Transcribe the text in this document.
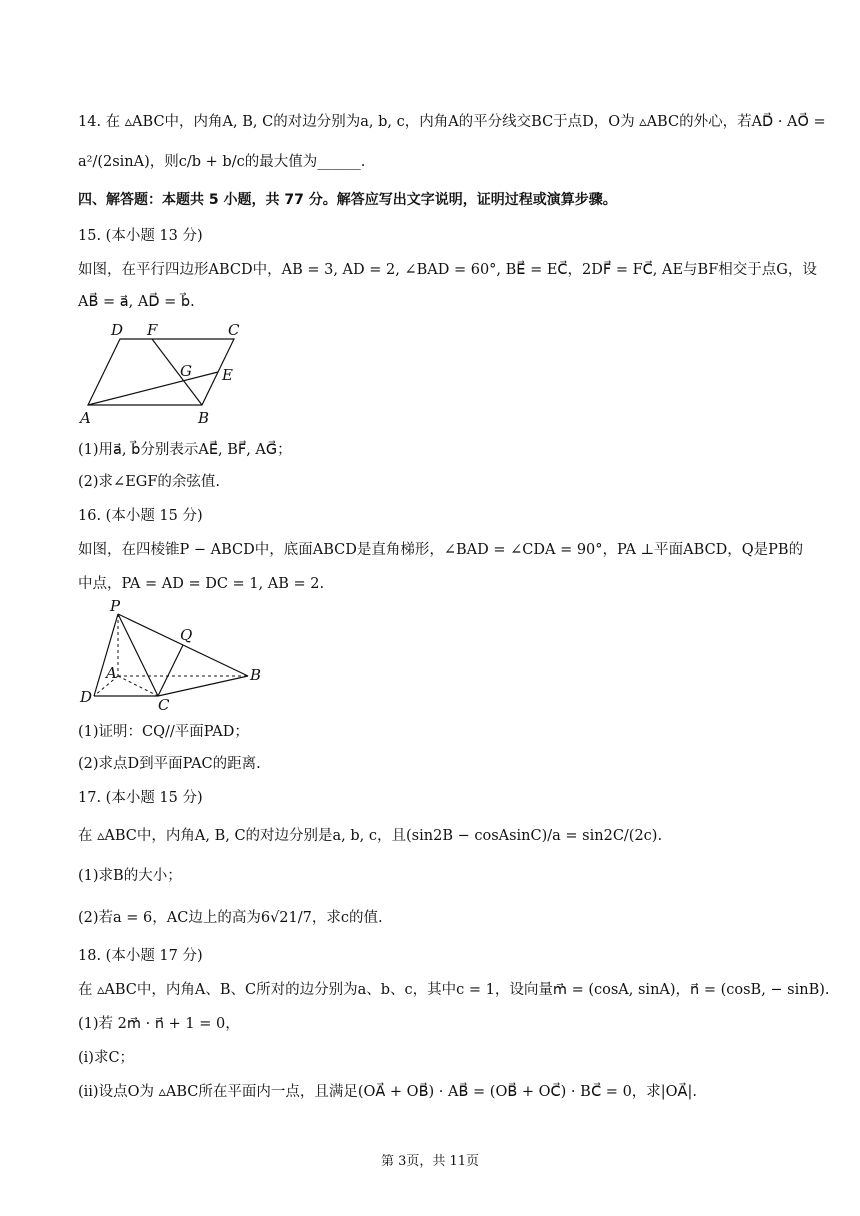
14. 在 ▵ABC中，内角A, B, C的对边分别为a, b, c，内角A的平分线交BC于点D，O为 ▵ABC的外心，若AD⃗ · AO⃗ =
a²/(2sinA)，则c/b + b/c的最大值为______.
四、解答题：本题共 5 小题，共 77 分。解答应写出文字说明，证明过程或演算步骤。
15. (本小题 13 分)
如图，在平行四边形ABCD中，AB = 3, AD = 2, ∠BAD = 60°, BE⃗ = EC⃗，2DF⃗ = FC⃗, AE与BF相交于点G，设
AB⃗ = a⃗, AD⃗ = b⃗.
D F	C
G E
A	B
(1)用a⃗, b⃗分别表示AE⃗, BF⃗, AG⃗；
(2)求∠EGF的余弦值.
16. (本小题 15 分)
如图，在四棱锥P − ABCD中，底面ABCD是直角梯形，∠BAD = ∠CDA = 90°，PA ⊥平面ABCD，Q是PB的
中点，PA = AD = DC = 1, AB = 2.
P
Q
A	B
D	C
(1)证明：CQ//平面PAD；
(2)求点D到平面PAC的距离.
17. (本小题 15 分)
在 ▵ABC中，内角A, B, C的对边分别是a, b, c，且(sin2B − cosAsinC)/a = sin2C/(2c).
(1)求B的大小；
(2)若a = 6，AC边上的高为6√21/7，求c的值.
18. (本小题 17 分)
在 ▵ABC中，内角A、B、C所对的边分别为a、b、c，其中c = 1，设向量m⃗ = (cosA, sinA)，n⃗ = (cosB, − sinB).
(1)若 2m⃗ · n⃗ + 1 = 0，
(i)求C；
(ii)设点O为 ▵ABC所在平面内一点，且满足(OA⃗ + OB⃗) · AB⃗ = (OB⃗ + OC⃗) · BC⃗ = 0，求|OA⃗|.
第 3页，共 11页
